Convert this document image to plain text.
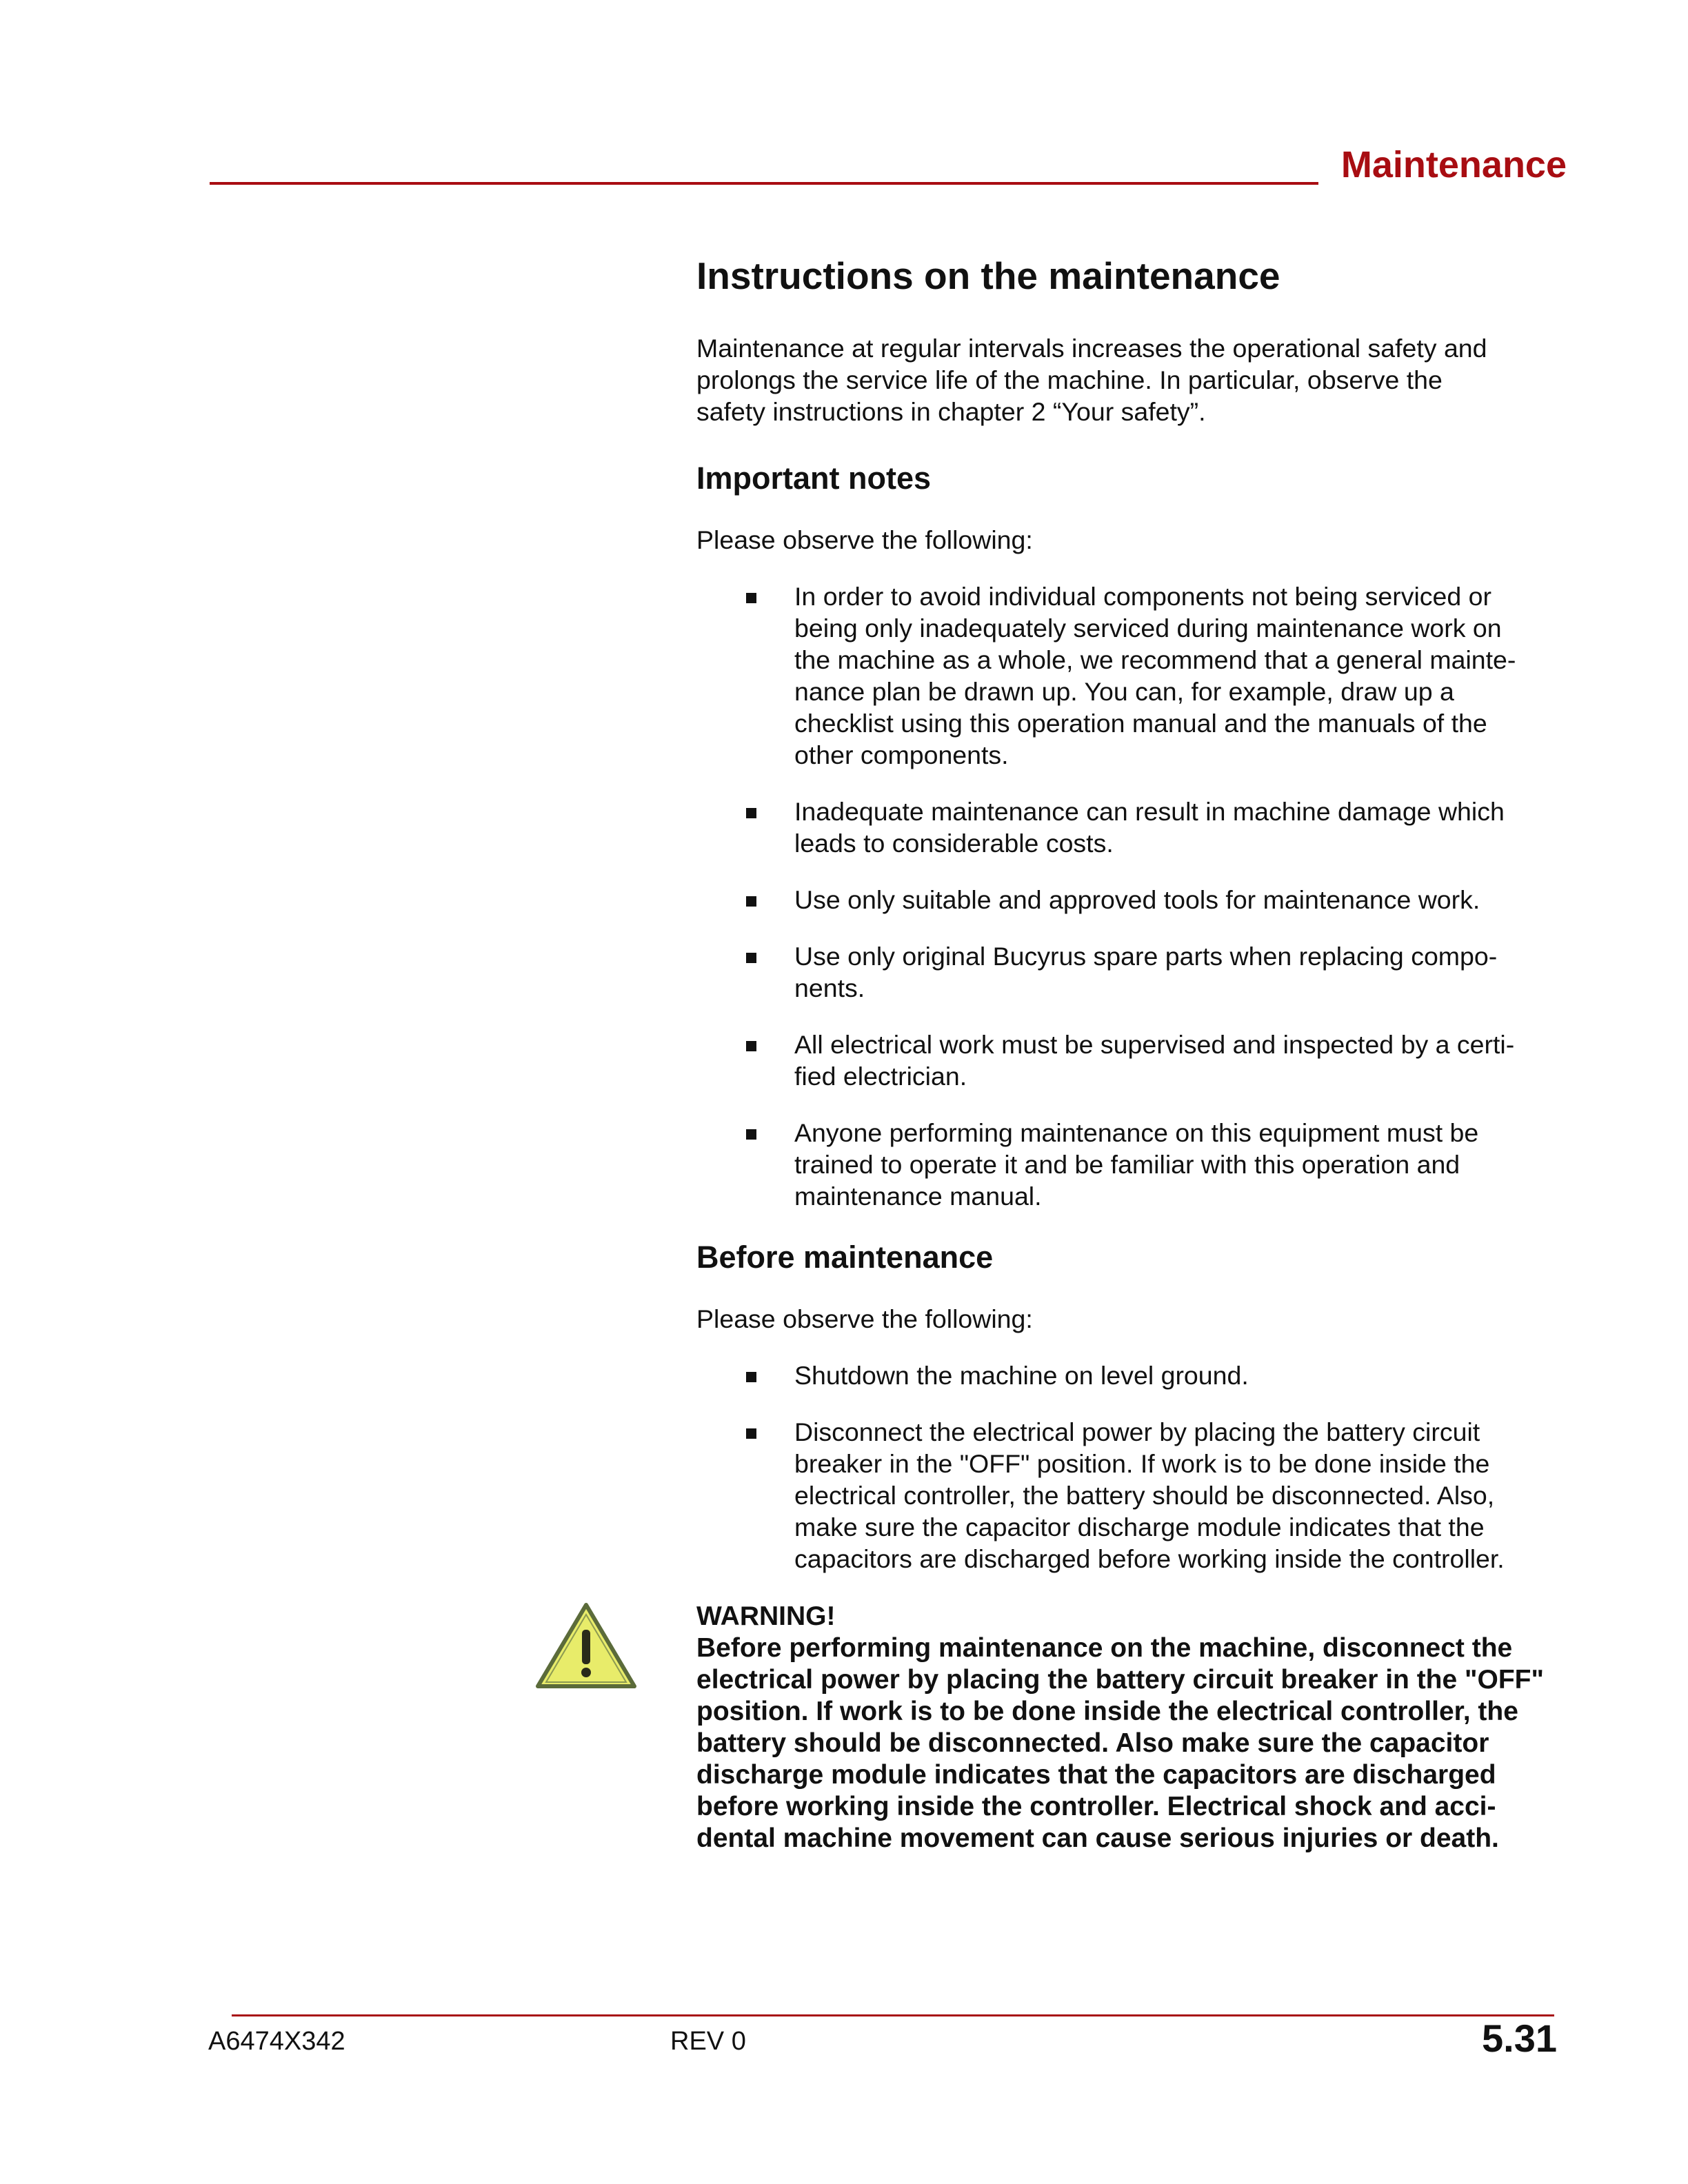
Maintenance
Instructions on the maintenance
Maintenance at regular intervals increases the operational safety and
prolongs the service life of the machine. In particular, observe the
safety instructions in chapter 2 “Your safety”.
Important notes
Please observe the following:
In order to avoid individual components not being serviced or
being only inadequately serviced during maintenance work on
the machine as a whole, we recommend that a general mainte-
nance plan be drawn up. You can, for example, draw up a
checklist using this operation manual and the manuals of the
other components.
Inadequate maintenance can result in machine damage which
leads to considerable costs.
Use only suitable and approved tools for maintenance work.
Use only original Bucyrus spare parts when replacing compo-
nents.
All electrical work must be supervised and inspected by a certi-
fied electrician.
Anyone performing maintenance on this equipment must be
trained to operate it and be familiar with this operation and
maintenance manual.
Before maintenance
Please observe the following:
Shutdown the machine on level ground.
Disconnect the electrical power by placing the battery circuit
breaker in the "OFF" position. If work is to be done inside the
electrical controller, the battery should be disconnected. Also,
make sure the capacitor discharge module indicates that the
capacitors are discharged before working inside the controller.
WARNING!
Before performing maintenance on the machine, disconnect the
electrical power by placing the battery circuit breaker in the "OFF"
position. If work is to be done inside the electrical controller, the
battery should be disconnected. Also make sure the capacitor
discharge module indicates that the capacitors are discharged
before working inside the controller. Electrical shock and acci-
dental machine movement can cause serious injuries or death.
A6474X342	REV 0	5.31
